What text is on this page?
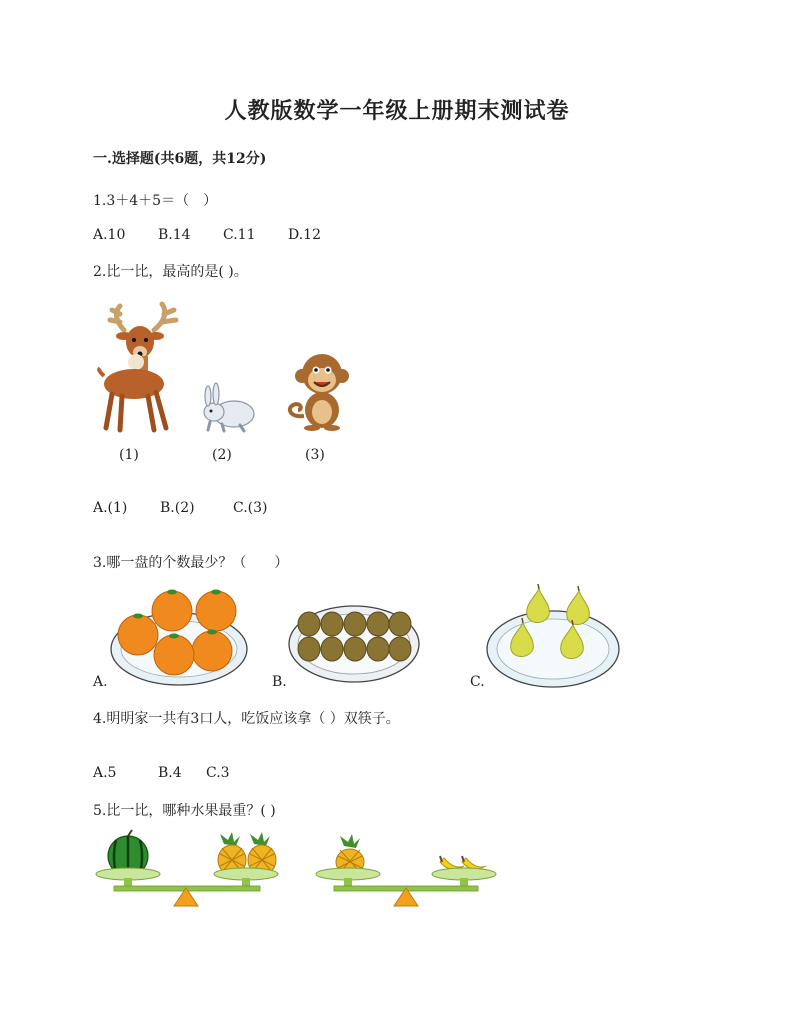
人教版数学一年级上册期末测试卷
一.选择题(共6题，共12分)
1.3＋4＋5＝（　）
A.10 B.14 C.11 D.12
2.比一比，最高的是( )。
(1)	(2)	(3)
A.(1) B.(2)	C.(3)
3.哪一盘的个数最少？（　　）
A.	B.	C.
4.明明家一共有3口人，吃饭应该拿（ ）双筷子。
A.5	B.4 C.3
5.比一比，哪种水果最重？( )
